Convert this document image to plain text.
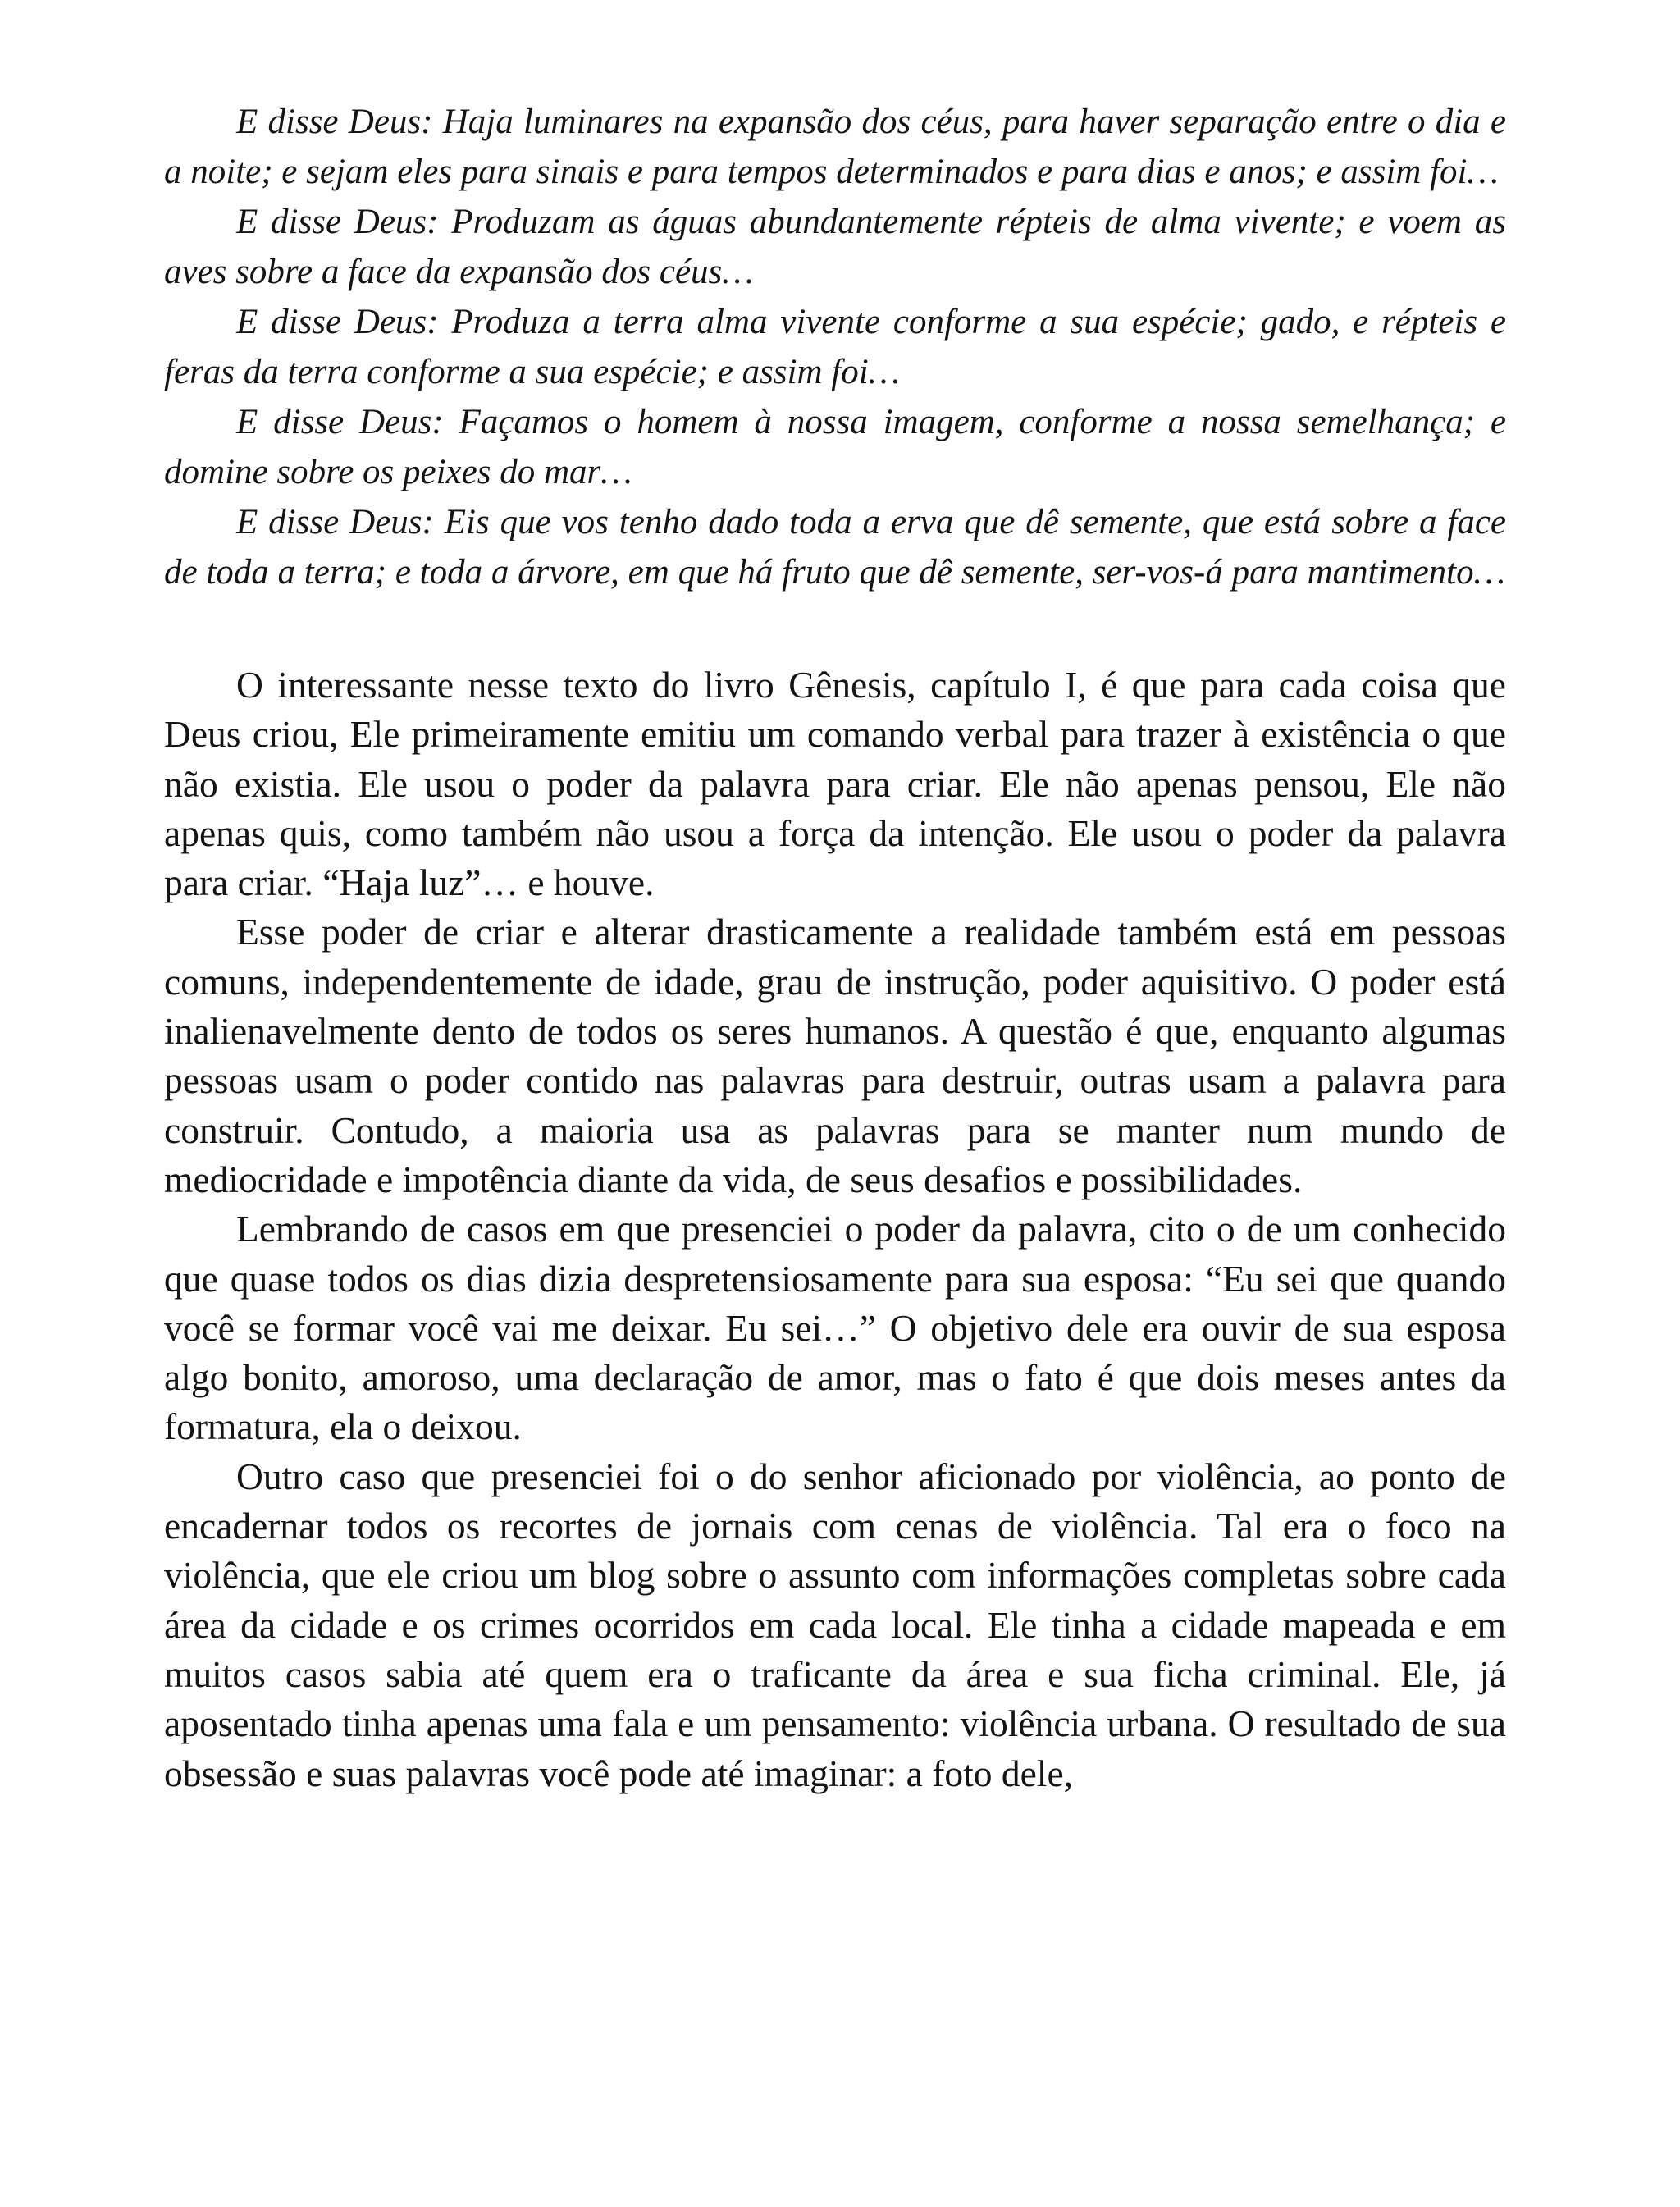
E disse Deus: Haja luminares na expansão dos céus, para haver separação entre o dia e a noite; e sejam eles para sinais e para tempos determinados e para dias e anos; e assim foi…

E disse Deus: Produzam as águas abundantemente répteis de alma vivente; e voem as aves sobre a face da expansão dos céus…

E disse Deus: Produza a terra alma vivente conforme a sua espécie; gado, e répteis e feras da terra conforme a sua espécie; e assim foi…

E disse Deus: Façamos o homem à nossa imagem, conforme a nossa semelhança; e domine sobre os peixes do mar…

E disse Deus: Eis que vos tenho dado toda a erva que dê semente, que está sobre a face de toda a terra; e toda a árvore, em que há fruto que dê semente, ser-vos-á para mantimento…

O interessante nesse texto do livro Gênesis, capítulo I, é que para cada coisa que Deus criou, Ele primeiramente emitiu um comando verbal para trazer à existência o que não existia. Ele usou o poder da palavra para criar. Ele não apenas pensou, Ele não apenas quis, como também não usou a força da intenção. Ele usou o poder da palavra para criar. “Haja luz”… e houve.

Esse poder de criar e alterar drasticamente a realidade também está em pessoas comuns, independentemente de idade, grau de instrução, poder aquisitivo. O poder está inalienavelmente dento de todos os seres humanos. A questão é que, enquanto algumas pessoas usam o poder contido nas palavras para destruir, outras usam a palavra para construir. Contudo, a maioria usa as palavras para se manter num mundo de mediocridade e impotência diante da vida, de seus desafios e possibilidades.

Lembrando de casos em que presenciei o poder da palavra, cito o de um conhecido que quase todos os dias dizia despretensiosamente para sua esposa: “Eu sei que quando você se formar você vai me deixar. Eu sei…” O objetivo dele era ouvir de sua esposa algo bonito, amoroso, uma declaração de amor, mas o fato é que dois meses antes da formatura, ela o deixou.

Outro caso que presenciei foi o do senhor aficionado por violência, ao ponto de encadernar todos os recortes de jornais com cenas de violência. Tal era o foco na violência, que ele criou um blog sobre o assunto com informações completas sobre cada área da cidade e os crimes ocorridos em cada local. Ele tinha a cidade mapeada e em muitos casos sabia até quem era o traficante da área e sua ficha criminal. Ele, já aposentado tinha apenas uma fala e um pensamento: violência urbana. O resultado de sua obsessão e suas palavras você pode até imaginar: a foto dele,
